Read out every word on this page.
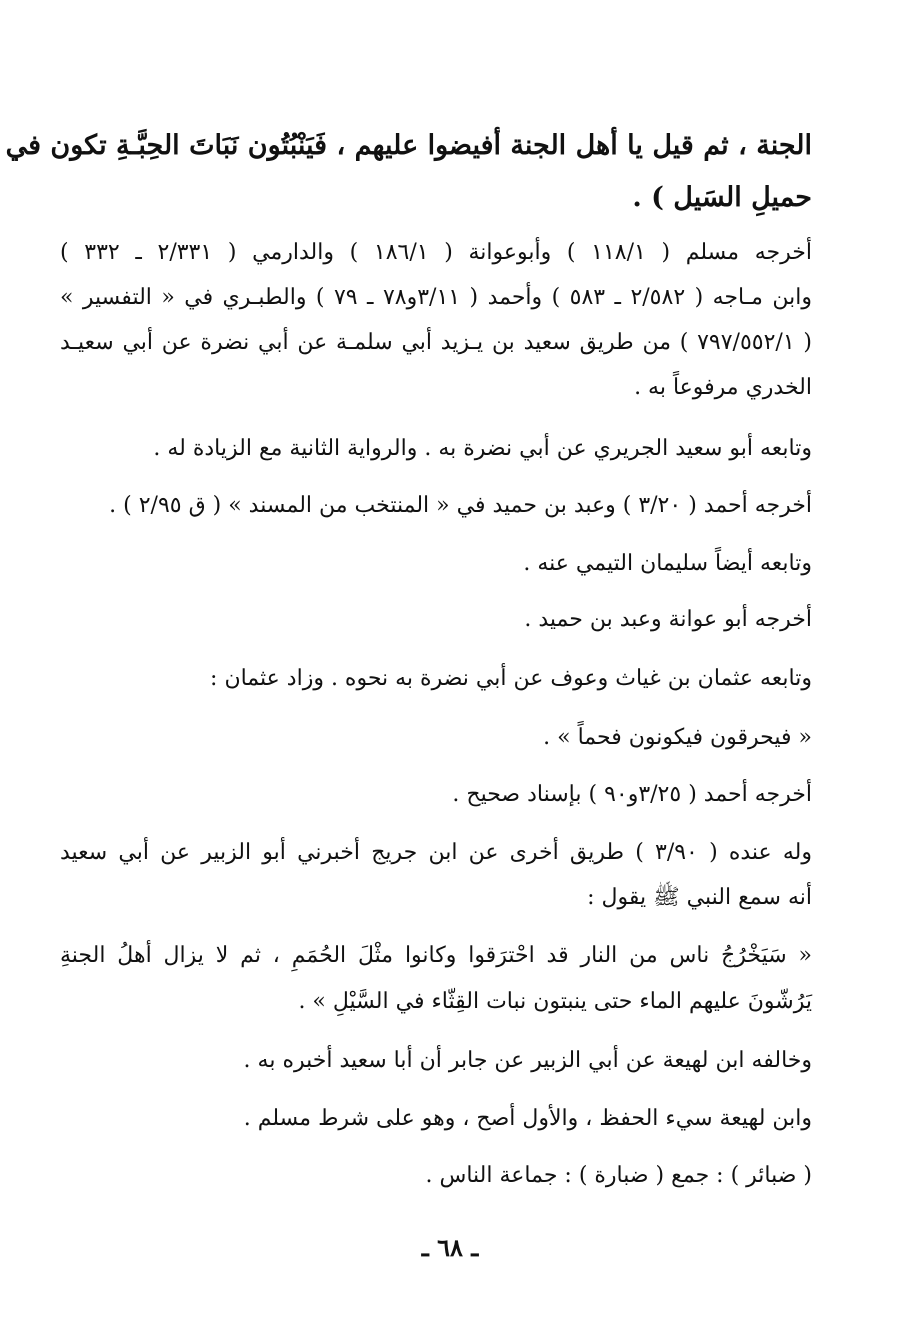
الجنة ، ثم قيل يا أهل الجنة أفيضوا عليهم ، فَيَنْبُتُون نَبَاتَ الحِبَّـةِ تكون في
حميلِ السَيل ) .
أخرجه مسلم ( ١١٨/١ ) وأبوعوانة ( ١٨٦/١ ) والدارمي ( ٢/٣٣١ ـ ٣٣٢ )
وابن مـاجه ( ٢/٥٨٢ ـ ٥٨٣ ) وأحمد ( ٣/١١و٧٨ ـ ٧٩ ) والطبـري في « التفسير »
( ٧٩٧/٥٥٢/١ ) من طريق سعيد بن يـزيد أبي سلمـة عن أبي نضرة عن أبي سعيـد
الخدري مرفوعاً به .
وتابعه أبو سعيد الجريري عن أبي نضرة به . والرواية الثانية مع الزيادة له .
أخرجه أحمد ( ٣/٢٠ ) وعبد بن حميد في « المنتخب من المسند » ( ق ٢/٩٥ ) .
وتابعه أيضاً سليمان التيمي عنه .
أخرجه أبو عوانة وعبد بن حميد .
وتابعه عثمان بن غياث وعوف عن أبي نضرة به نحوه . وزاد عثمان :
« فيحرقون فيكونون فحماً » .
أخرجه أحمد ( ٣/٢٥و٩٠ ) بإسناد صحيح .
وله عنده ( ٣/٩٠ ) طريق أخرى عن ابن جريج أخبرني أبو الزبير عن أبي سعيد
أنه سمع النبي ﷺ يقول :
« سَيَخْرُجُ ناس من النار قد احْترَقوا وكانوا مثْلَ الحُمَمِ ، ثم لا يزال أهلُ الجنةِ
يَرُشّونَ عليهم الماء حتى ينبتون نبات القِثّاء في السَّيْلِ » .
وخالفه ابن لهيعة عن أبي الزبير عن جابر أن أبا سعيد أخبره به .
وابن لهيعة سيء الحفظ ، والأول أصح ، وهو على شرط مسلم .
( ضبائر ) : جمع ( ضبارة ) : جماعة الناس .
ـ ٦٨ ـ
